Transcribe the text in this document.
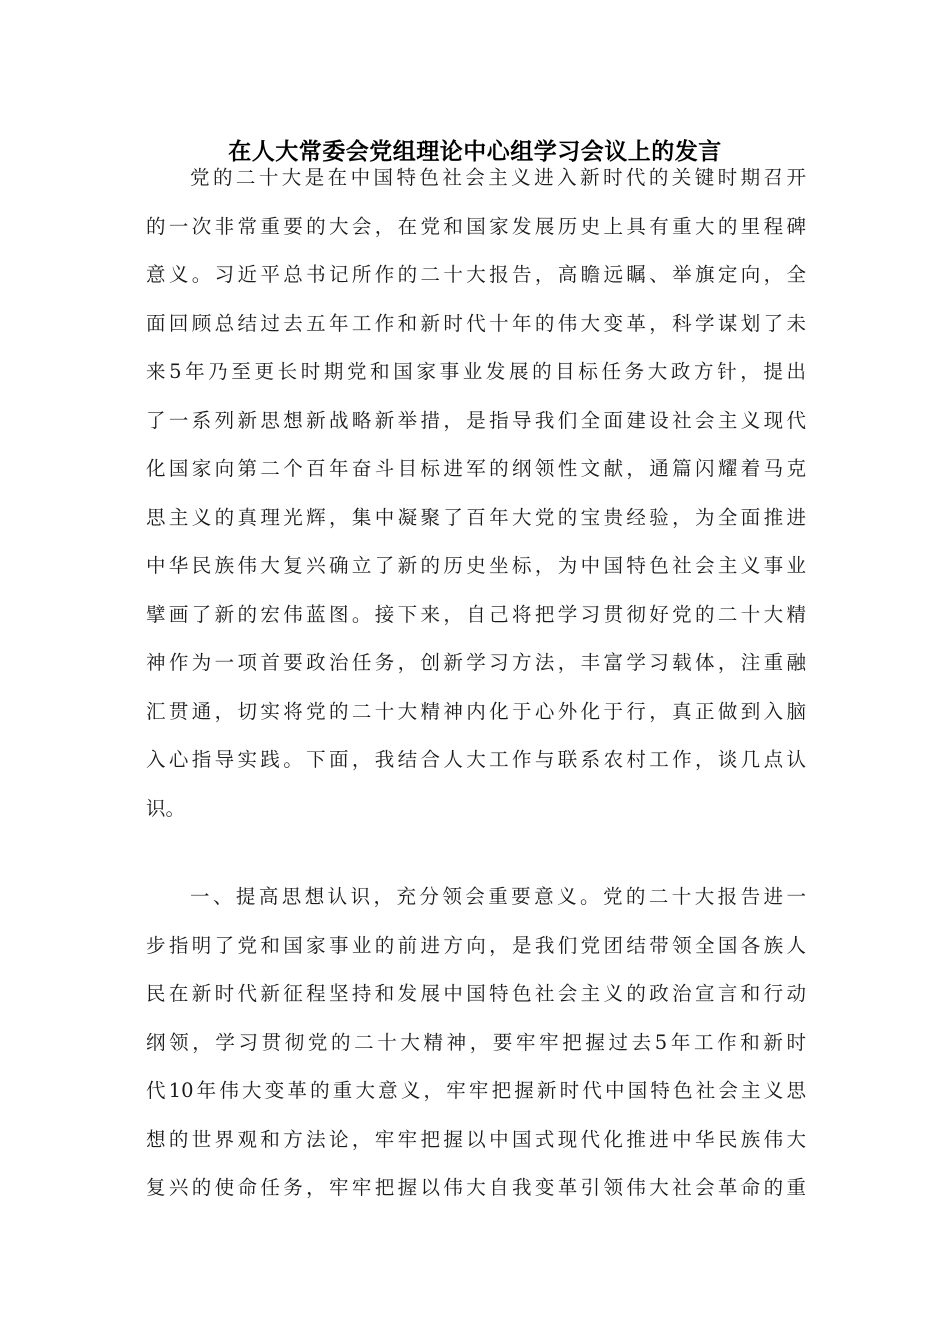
在人大常委会党组理论中心组学习会议上的发言
党的二十大是在中国特色社会主义进入新时代的关键时期召开
的一次非常重要的大会，在党和国家发展历史上具有重大的里程碑
意义。习近平总书记所作的二十大报告，高瞻远瞩、举旗定向，全
面回顾总结过去五年工作和新时代十年的伟大变革，科学谋划了未
来5年乃至更长时期党和国家事业发展的目标任务大政方针，提出
了一系列新思想新战略新举措，是指导我们全面建设社会主义现代
化国家向第二个百年奋斗目标进军的纲领性文献，通篇闪耀着马克
思主义的真理光辉，集中凝聚了百年大党的宝贵经验，为全面推进
中华民族伟大复兴确立了新的历史坐标，为中国特色社会主义事业
擘画了新的宏伟蓝图。接下来，自己将把学习贯彻好党的二十大精
神作为一项首要政治任务，创新学习方法，丰富学习载体，注重融
汇贯通，切实将党的二十大精神内化于心外化于行，真正做到入脑
入心指导实践。下面，我结合人大工作与联系农村工作，谈几点认
识。
一、提高思想认识，充分领会重要意义。党的二十大报告进一
步指明了党和国家事业的前进方向，是我们党团结带领全国各族人
民在新时代新征程坚持和发展中国特色社会主义的政治宣言和行动
纲领，学习贯彻党的二十大精神，要牢牢把握过去5年工作和新时
代10年伟大变革的重大意义，牢牢把握新时代中国特色社会主义思
想的世界观和方法论，牢牢把握以中国式现代化推进中华民族伟大
复兴的使命任务，牢牢把握以伟大自我变革引领伟大社会革命的重
